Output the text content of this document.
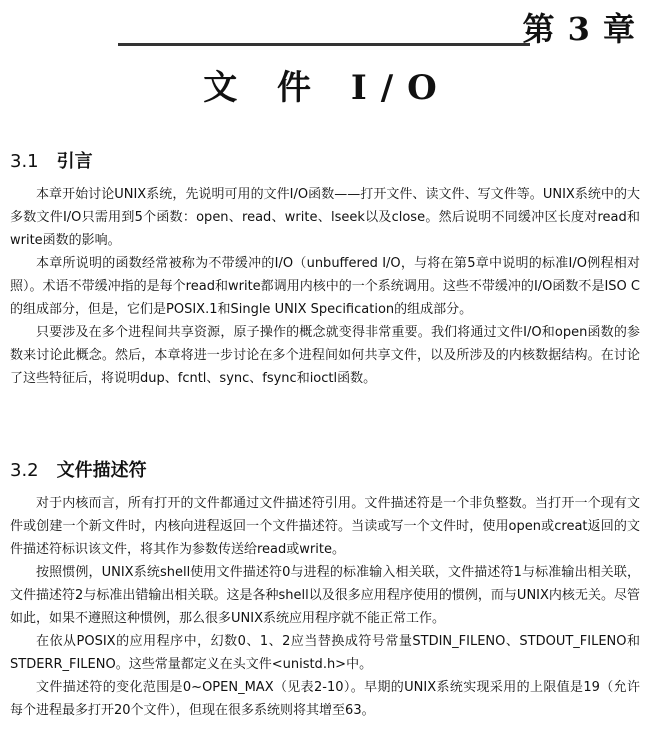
第 3 章
文 件 I/O
3.1 引言

本章开始讨论UNIX系统，先说明可用的文件I/O函数——打开文件、读文件、写文件等。UNIX系统中的大多数文件I/O只需用到5个函数：open、read、write、lseek以及close。然后说明不同缓冲区长度对read和write函数的影响。

本章所说明的函数经常被称为不带缓冲的I/O（unbuffered I/O，与将在第5章中说明的标准I/O例程相对照）。术语不带缓冲指的是每个read和write都调用内核中的一个系统调用。这些不带缓冲的I/O函数不是ISO C的组成部分，但是，它们是POSIX.1和Single UNIX Specification的组成部分。

只要涉及在多个进程间共享资源，原子操作的概念就变得非常重要。我们将通过文件I/O和open函数的参数来讨论此概念。然后，本章将进一步讨论在多个进程间如何共享文件，以及所涉及的内核数据结构。在讨论了这些特征后，将说明dup、fcntl、sync、fsync和ioctl函数。

3.2 文件描述符

对于内核而言，所有打开的文件都通过文件描述符引用。文件描述符是一个非负整数。当打开一个现有文件或创建一个新文件时，内核向进程返回一个文件描述符。当读或写一个文件时，使用open或creat返回的文件描述符标识该文件，将其作为参数传送给read或write。

按照惯例，UNIX系统shell使用文件描述符0与进程的标准输入相关联，文件描述符1与标准输出相关联，文件描述符2与标准出错输出相关联。这是各种shell以及很多应用程序使用的惯例，而与UNIX内核无关。尽管如此，如果不遵照这种惯例，那么很多UNIX系统应用程序就不能正常工作。

在依从POSIX的应用程序中，幻数0、1、2应当替换成符号常量STDIN_FILENO、STDOUT_FILENO和STDERR_FILENO。这些常量都定义在头文件<unistd.h>中。

文件描述符的变化范围是0~OPEN_MAX（见表2-10）。早期的UNIX系统实现采用的上限值是19（允许每个进程最多打开20个文件），但现在很多系统则将其增至63。
